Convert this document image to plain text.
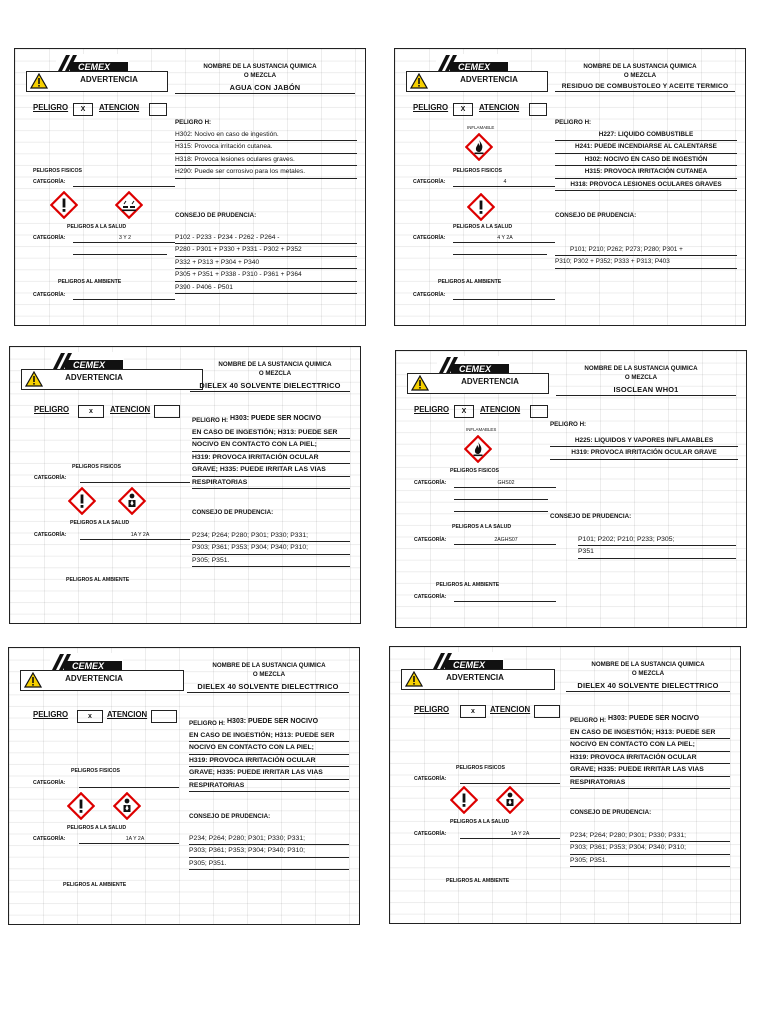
ADVERTENCIA
NOMBRE DE LA SUSTANCIA QUIMICA
O MEZCLA
AGUA CON JABÓN
PELIGRO	X	ATENCION
PELIGROS FISICOS
CATEGORÍA:
PELIGROS A LA SALUD
CATEGORÍA:	3 Y 2
PELIGROS AL AMBIENTE
CATEGORÍA:
PELIGRO H:
H302: Nocivo en caso de ingestión.
H315: Provoca irritación cutanea.
H318: Provoca lesiones oculares graves.
H290: Puede ser corrosivo para los metales.
CONSEJO DE PRUDENCIA:
P102 - P233 - P234 - P262 - P264 -
P280 - P301 + P330 + P331 - P302 + P352
P332 + P313 + P304 + P340
P305 + P351 + P338 - P310 - P361 + P364
P390 - P406 - P501
ADVERTENCIA
NOMBRE DE LA SUSTANCIA QUIMICA
O MEZCLA
RESIDUO DE COMBUSTOLEO Y ACEITE TERMICO
PELIGRO	X	ATENCION
INFLAMABLE
PELIGROS FISICOS
CATEGORÍA:	4
PELIGROS A LA SALUD
CATEGORÍA:	4 Y 2A
PELIGROS AL AMBIENTE
CATEGORÍA:
PELIGRO H:
H227: LIQUIDO COMBUSTIBLE
H241: PUEDE INCENDIARSE AL CALENTARSE
H302: NOCIVO EN CASO DE INGESTIÓN
H315: PROVOCA IRRITACIÓN CUTANEA
H318: PROVOCA LESIONES OCULARES GRAVES
CONSEJO DE PRUDENCIA:
P101; P210; P262; P273; P280; P301 +
P310; P302 + P352; P333 + P313; P403
ADVERTENCIA
NOMBRE DE LA SUSTANCIA QUIMICA
O MEZCLA
DIELEX 40 SOLVENTE DIELECTTRICO
PELIGRO	x	ATENCION
PELIGROS FISICOS
CATEGORÍA:
PELIGROS A LA SALUD
CATEGORÍA:	1A Y 2A
PELIGROS AL AMBIENTE
PELIGRO H: H303: PUEDE SER NOCIVO
EN CASO DE INGESTIÓN; H313: PUEDE SER
NOCIVO EN CONTACTO CON LA PIEL;
H319: PROVOCA IRRITACIÓN OCULAR
GRAVE; H335: PUEDE IRRITAR LAS VIAS
RESPIRATORIAS
CONSEJO DE PRUDENCIA:
P234; P264; P280; P301; P330; P331;
P303; P361; P353; P304; P340; P310;
P305; P351.
ADVERTENCIA
NOMBRE DE LA SUSTANCIA QUIMICA
O MEZCLA
ISOCLEAN WHO1
PELIGRO	X	ATENCION
INFLAMABLES
PELIGROS FISICOS
CATEGORÍA:	GHS02
PELIGROS A LA SALUD
CATEGORÍA:	2AGHS07
PELIGROS AL AMBIENTE
CATEGORÍA:
PELIGRO H:
H225: LIQUIDOS Y VAPORES INFLAMABLES
H319: PROVOCA IRRITACIÓN OCULAR GRAVE
CONSEJO DE PRUDENCIA:
P101; P202; P210; P233; P305;
P351
ADVERTENCIA
NOMBRE DE LA SUSTANCIA QUIMICA
O MEZCLA
DIELEX 40 SOLVENTE DIELECTTRICO
PELIGRO	x	ATENCION
PELIGROS FISICOS
CATEGORÍA:
PELIGROS A LA SALUD
CATEGORÍA:	1A Y 2A
PELIGROS AL AMBIENTE
PELIGRO H: H303: PUEDE SER NOCIVO
EN CASO DE INGESTIÓN; H313: PUEDE SER
NOCIVO EN CONTACTO CON LA PIEL;
H319: PROVOCA IRRITACIÓN OCULAR
GRAVE; H335: PUEDE IRRITAR LAS VIAS
RESPIRATORIAS
CONSEJO DE PRUDENCIA:
P234; P264; P280; P301; P330; P331;
P303; P361; P353; P304; P340; P310;
P305; P351.
ADVERTENCIA
NOMBRE DE LA SUSTANCIA QUIMICA
O MEZCLA
DIELEX 40 SOLVENTE DIELECTTRICO
PELIGRO	x	ATENCION
PELIGROS FISICOS
CATEGORÍA:
PELIGROS A LA SALUD
CATEGORÍA:	1A Y 2A
PELIGROS AL AMBIENTE
PELIGRO H: H303: PUEDE SER NOCIVO
EN CASO DE INGESTIÓN; H313: PUEDE SER
NOCIVO EN CONTACTO CON LA PIEL;
H319: PROVOCA IRRITACIÓN OCULAR
GRAVE; H335: PUEDE IRRITAR LAS VIAS
RESPIRATORIAS
CONSEJO DE PRUDENCIA:
P234; P264; P280; P301; P330; P331;
P303; P361; P353; P304; P340; P310;
P305; P351.
